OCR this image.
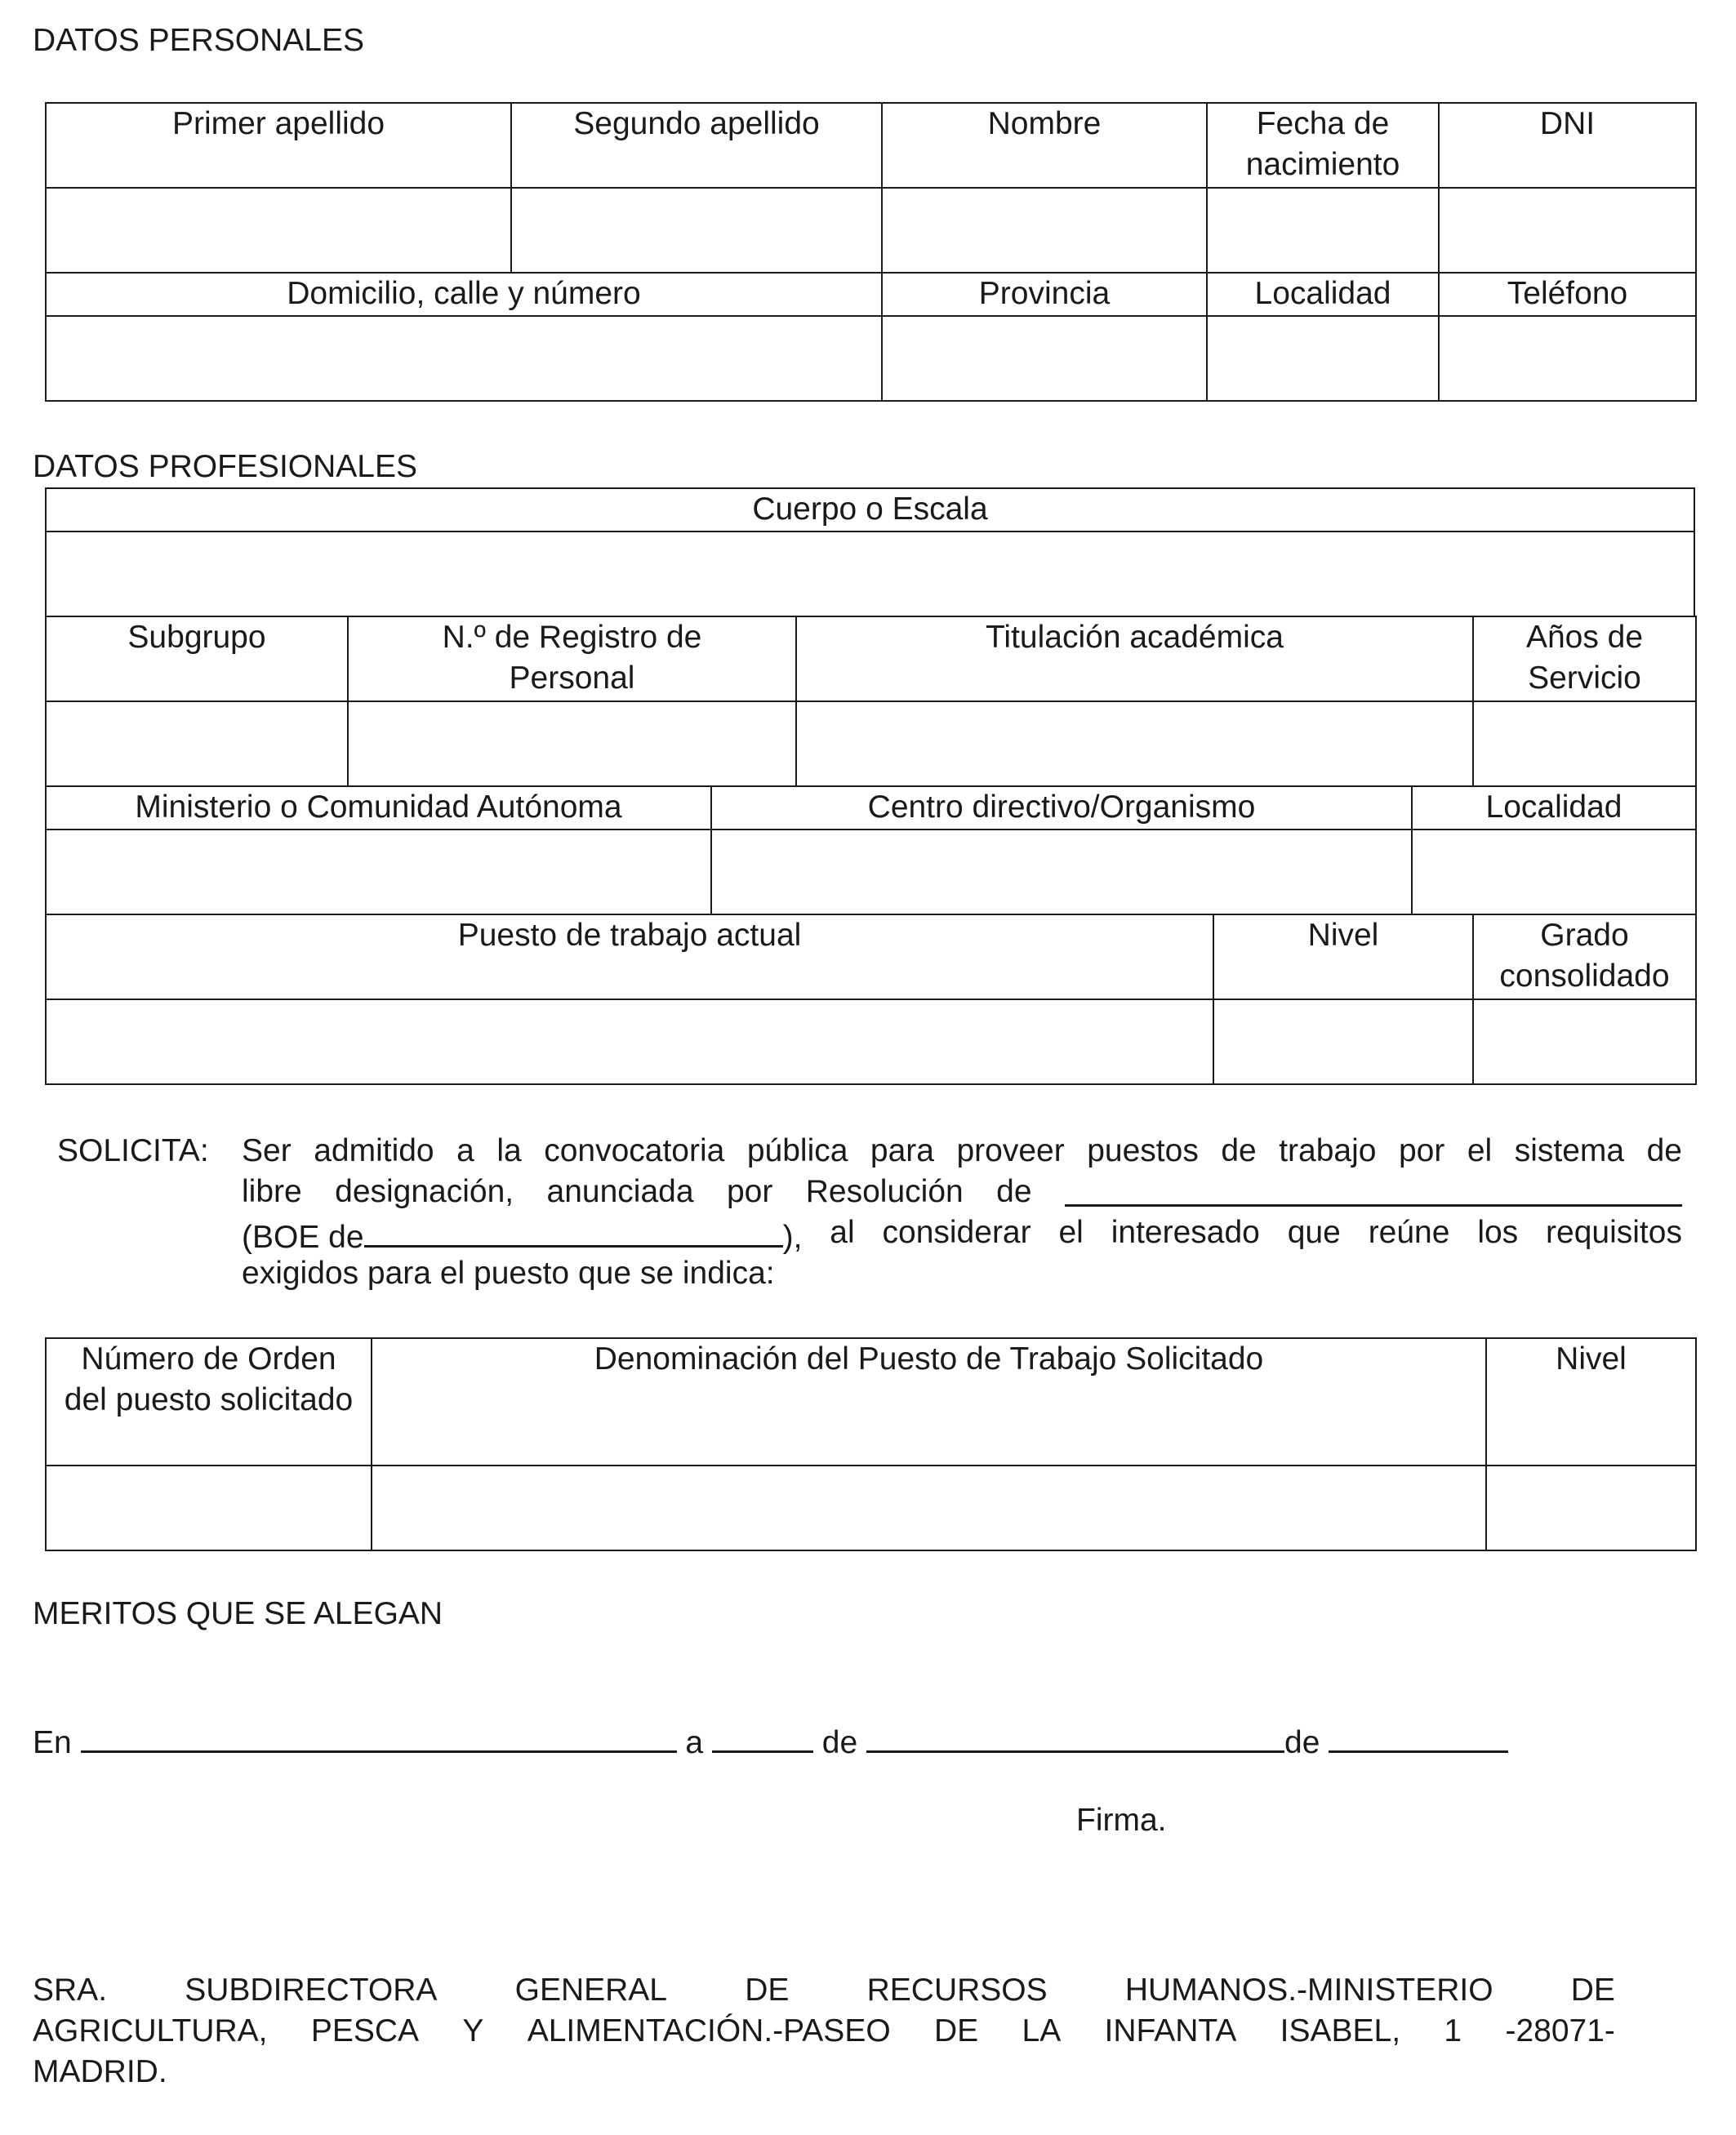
DATOS PERSONALES
Primer apellido	Segundo apellido	Nombre	Fecha de nacimiento	DNI

Domicilio, calle y número		Provincia	Localidad	Teléfono

DATOS PROFESIONALES
Cuerpo o Escala

Subgrupo	N.º de Registro de Personal	Titulación académica	Años de Servicio

Ministerio o Comunidad Autónoma	Centro directivo/Organismo	Localidad

Puesto de trabajo actual	Nivel	Grado consolidado

SOLICITA: Ser admitido a la convocatoria pública para proveer puestos de trabajo por el sistema de
libre designación, anunciada por Resolución de
(BOE de	), al considerar el interesado que reúne los requisitos
exigidos para el puesto que se indica:
Número de Orden del puesto solicitado	Denominación del Puesto de Trabajo Solicitado	Nivel

MERITOS QUE SE ALEGAN
En	a	de	de
Firma.
SRA. SUBDIRECTORA GENERAL DE RECURSOS HUMANOS.-MINISTERIO DE
AGRICULTURA, PESCA Y ALIMENTACIÓN.-PASEO DE LA INFANTA ISABEL, 1 -28071-
MADRID.
